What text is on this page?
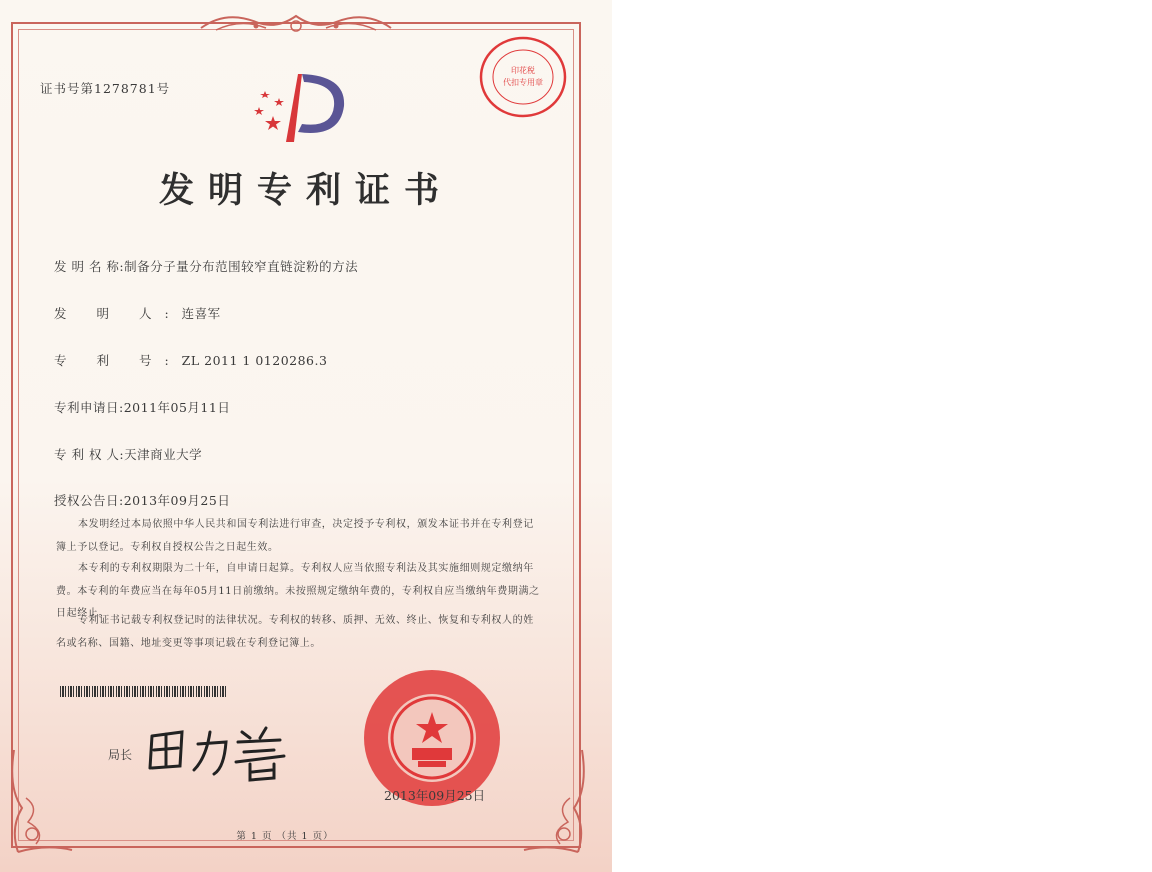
证书号第1278781号
印花税
代扣专用章
发明专利证书
发 明 名 称:制备分子量分布范围较窄直链淀粉的方法
发 明 人:连喜军
专 利 号:ZL 2011 1 0120286.3
专利申请日:2011年05月11日
专 利 权 人:天津商业大学
授权公告日:2013年09月25日
本发明经过本局依照中华人民共和国专利法进行审查，决定授予专利权，颁发本证书并在专利登记簿上予以登记。专利权自授权公告之日起生效。
本专利的专利权期限为二十年，自申请日起算。专利权人应当依照专利法及其实施细则规定缴纳年费。本专利的年费应当在每年05月11日前缴纳。未按照规定缴纳年费的，专利权自应当缴纳年费期满之日起终止。
专利证书记载专利权登记时的法律状况。专利权的转移、质押、无效、终止、恢复和专利权人的姓名或名称、国籍、地址变更等事项记载在专利登记簿上。
局长
2013年09月25日
第 1 页 （共 1 页）
